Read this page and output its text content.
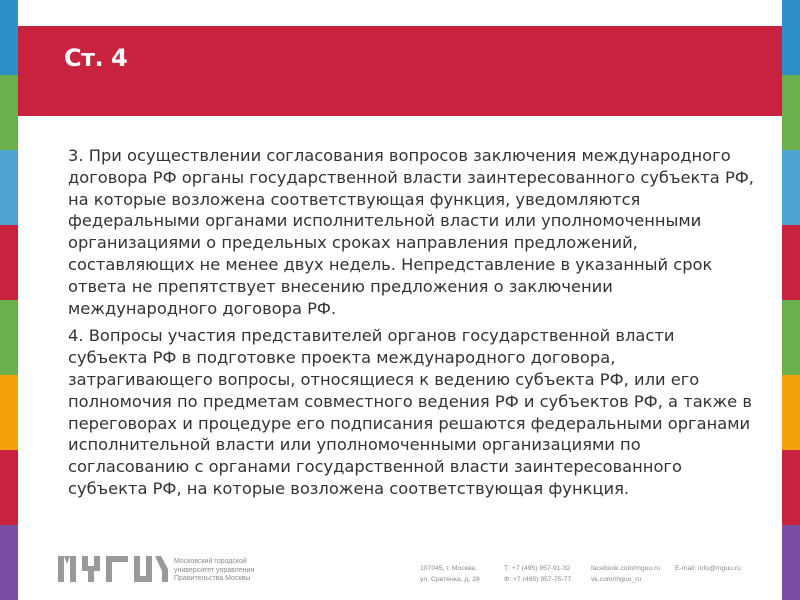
Ст. 4

3. При осуществлении согласования вопросов заключения международного договора РФ органы государственной власти заинтересованного субъекта РФ, на которые возложена соответствующая функция, уведомляются федеральными органами исполнительной власти или уполномоченными организациями о предельных сроках направления предложений, составляющих не менее двух недель. Непредставление в указанный срок ответа не препятствует внесению предложения о заключении международного договора РФ.

4. Вопросы участия представителей органов государственной власти субъекта РФ в подготовке проекта международного договора, затрагивающего вопросы, относящиеся к ведению субъекта РФ, или его полномочия по предметам совместного ведения РФ и субъектов РФ, а также в переговорах и процедуре его подписания решаются федеральными органами исполнительной власти или уполномоченными организациями по согласованию с органами государственной власти заинтересованного субъекта РФ, на которые возложена соответствующая функция.

Московский городской
университет управления
Правительства Москвы
107045, г. Москва,
ул. Сретенка, д. 28
Т: +7 (495) 957-91-32
Ф: +7 (495) 957-75-77
facebook.com/mguu.ru
vk.com/mguu_ru
E-mail: info@mguu.ru
